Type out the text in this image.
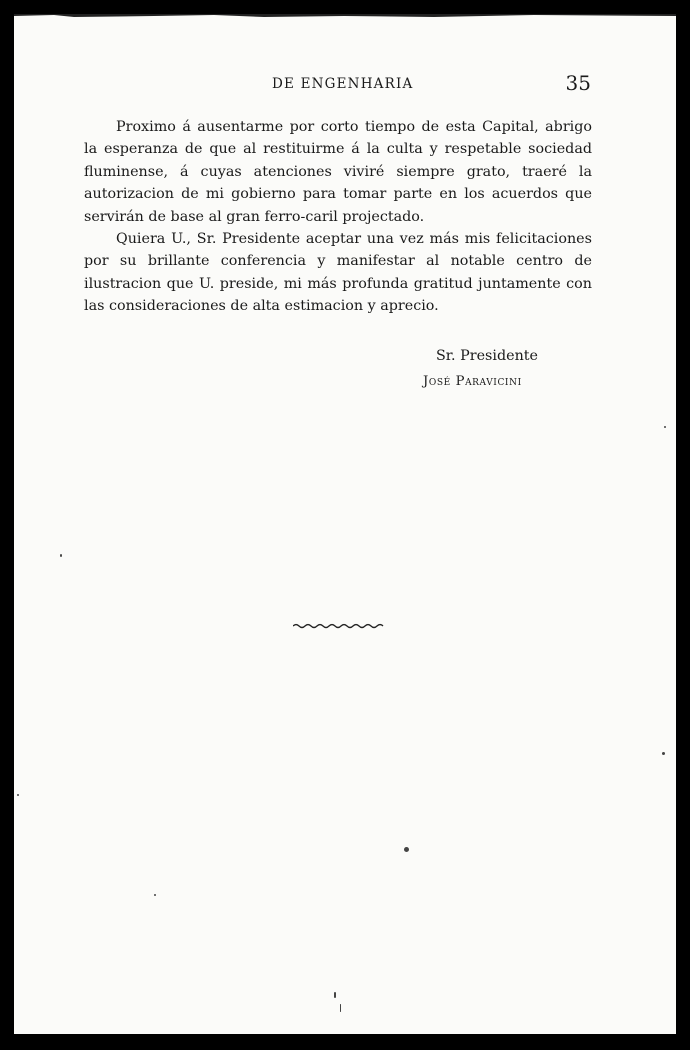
DE ENGENHARIA	35

Proximo á ausentarme por corto tiempo de esta Capital, abrigo la esperanza de que al restituirme á la culta y respetable sociedad fluminense, á cuyas atenciones viviré siempre grato, traeré la autorizacion de mi gobierno para tomar parte en los acuerdos que servirán de base al gran ferro-caril projectado.

Quiera U., Sr. Presidente aceptar una vez más mis felicitaciones por su brillante conferencia y manifestar al notable centro de ilustracion que U. preside, mi más profunda gratitud juntamente con las consideraciones de alta estimacion y aprecio.

Sr. Presidente
José Paravicini
